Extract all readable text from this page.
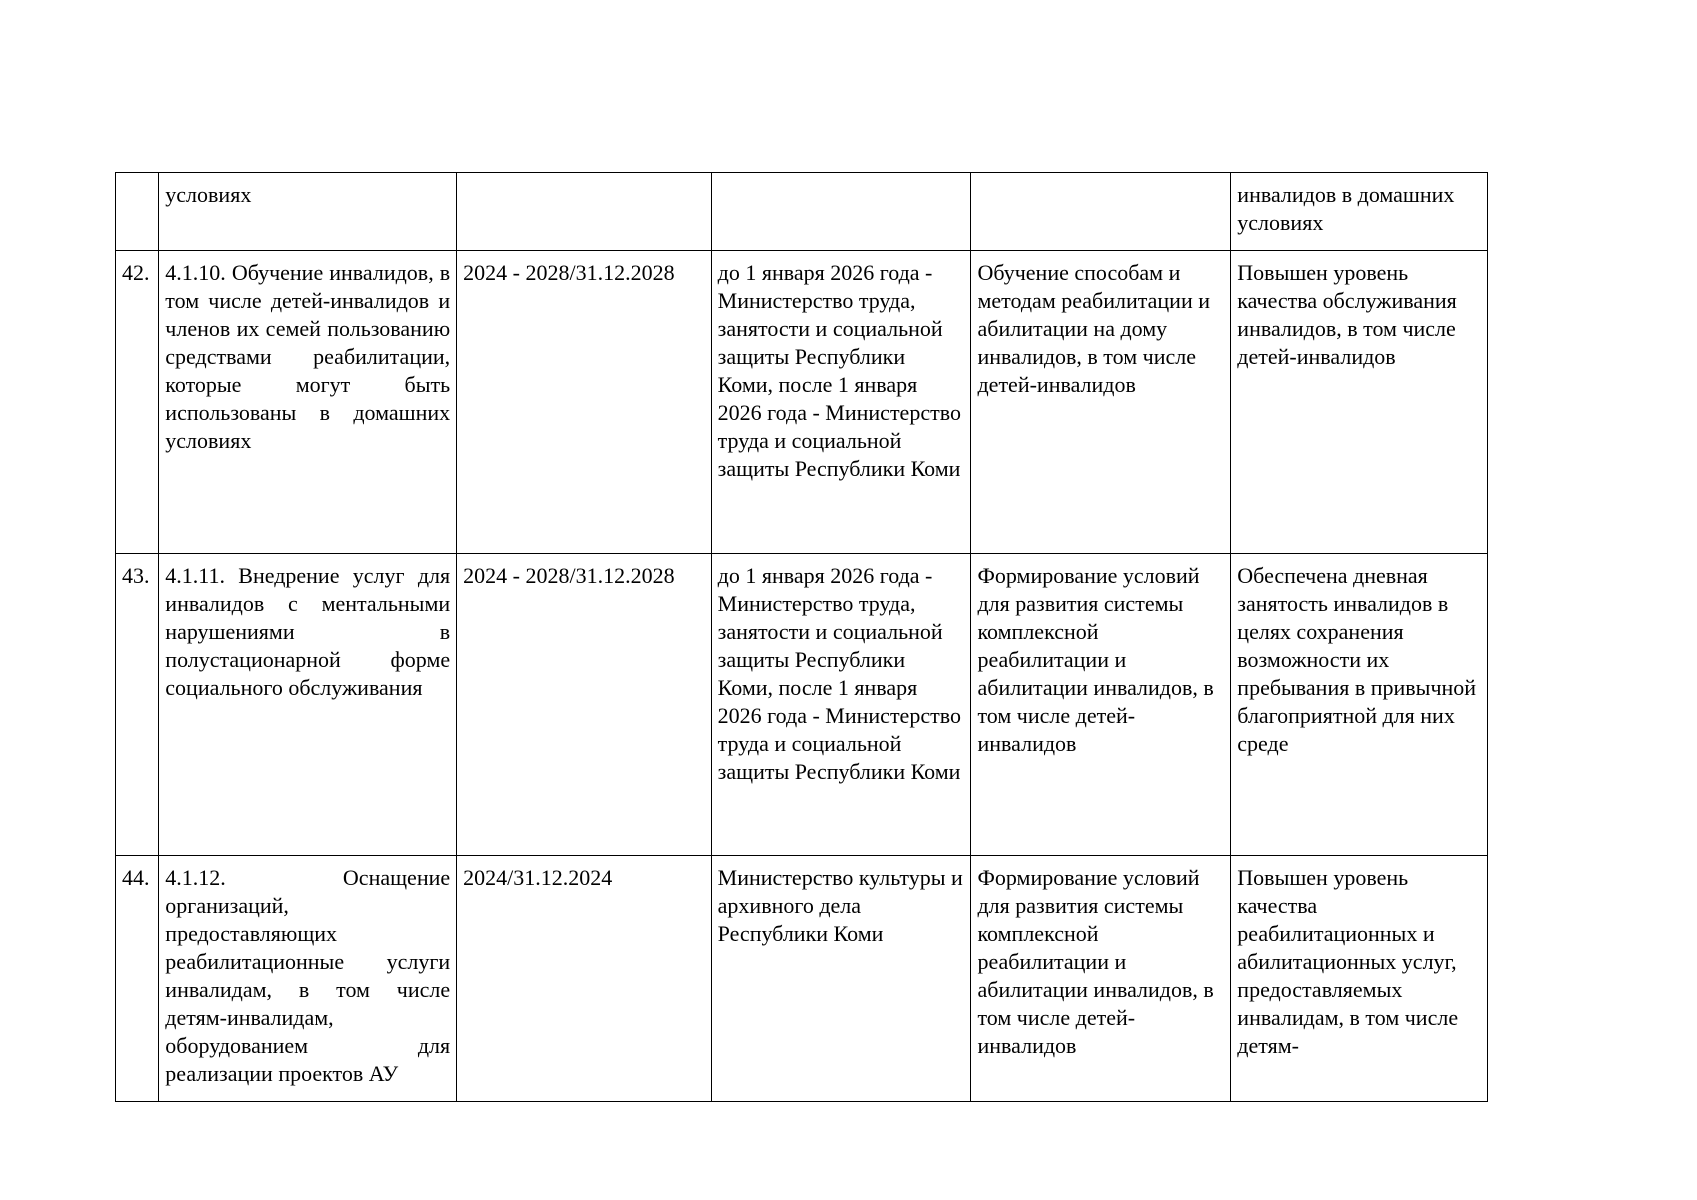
	условиях				инвалидов в домашних условиях
42.	4.1.10. Обучение инвалидов, в том числе детей-инвалидов и членов их семей пользованию средствами реабилитации, которые могут быть использованы в домашних условиях	2024 - 2028/31.12.2028	до 1 января 2026 года - Министерство труда, занятости и социальной защиты Республики Коми, после 1 января 2026 года - Министерство труда и социальной защиты Республики Коми	Обучение способам и методам реабилитации и абилитации на дому инвалидов, в том числе детей-инвалидов	Повышен уровень качества обслуживания инвалидов, в том числе детей-инвалидов
43.	4.1.11. Внедрение услуг для инвалидов с ментальными нарушениями в полустационарной форме социального обслуживания	2024 - 2028/31.12.2028	до 1 января 2026 года - Министерство труда, занятости и социальной защиты Республики Коми, после 1 января 2026 года - Министерство труда и социальной защиты Республики Коми	Формирование условий для развития системы комплексной реабилитации и абилитации инвалидов, в том числе детей-инвалидов	Обеспечена дневная занятость инвалидов в целях сохранения возможности их пребывания в привычной благоприятной для них среде
44.	4.1.12. Оснащение организаций, предоставляющих реабилитационные услуги инвалидам, в том числе детям-инвалидам, оборудованием для реализации проектов АУ	2024/31.12.2024	Министерство культуры и архивного дела Республики Коми	Формирование условий для развития системы комплексной реабилитации и абилитации инвалидов, в том числе детей-инвалидов	Повышен уровень качества реабилитационных и абилитационных услуг, предоставляемых инвалидам, в том числе детям-
